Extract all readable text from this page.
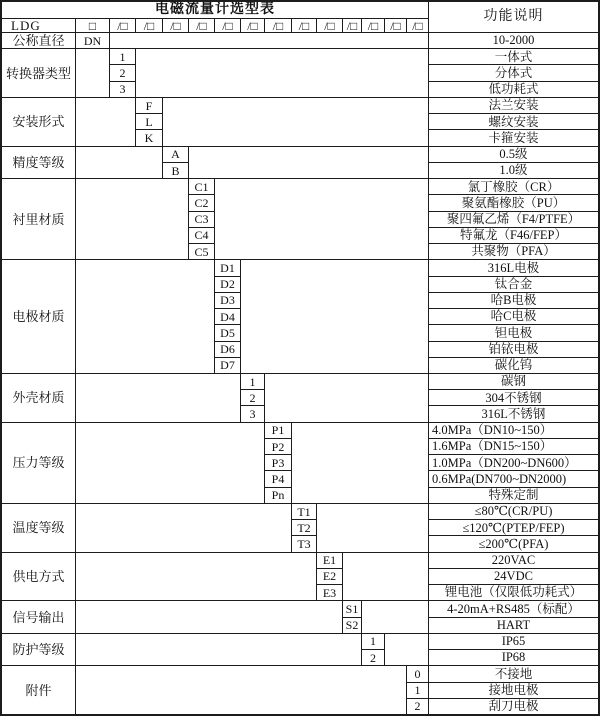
电磁流量计选型表	功能说明
LDG	□	/□	/□	/□	/□	/□	/□	/□	/□	/□ /□ /□ /□ /□
公称直径	DN	10-2000
转换器类型
1	一体式
2	分体式
3	低功耗式
安装形式
F	法兰安装
L	螺纹安装
K	卡箍安装
精度等级
A	0.5级
B	1.0级
衬里材质
C1	氯丁橡胶（CR）
C2	聚氨酯橡胶（PU）
C3	聚四氟乙烯（F4/PTFE）
C4	特氟龙（F46/FEP）
C5	共聚物（PFA）
电极材质
D1	316L电极
D2	钛合金
D3	哈B电极
D4	哈C电极
D5	钽电极
D6	铂铱电极
D7	碳化钨
外壳材质
1	碳钢
2	304不锈钢
3	316L不锈钢
压力等级
P1	4.0MPa（DN10~150）
P2	1.6MPa（DN15~150）
P3	1.0MPa（DN200~DN600）
P4	0.6MPa(DN700~DN2000)
Pn	特殊定制
温度等级
T1	≤80℃(CR/PU)
T2	≤120℃(PTEP/FEP)
T3	≤200℃(PFA)
供电方式
E1	220VAC
E2	24VDC
E3	锂电池（仅限低功耗式）
信号输出
S1	4-20mA+RS485（标配）
S2	HART
防护等级
1	IP65
2	IP68
附件
0	不接地
1	接地电极
2	刮刀电极
